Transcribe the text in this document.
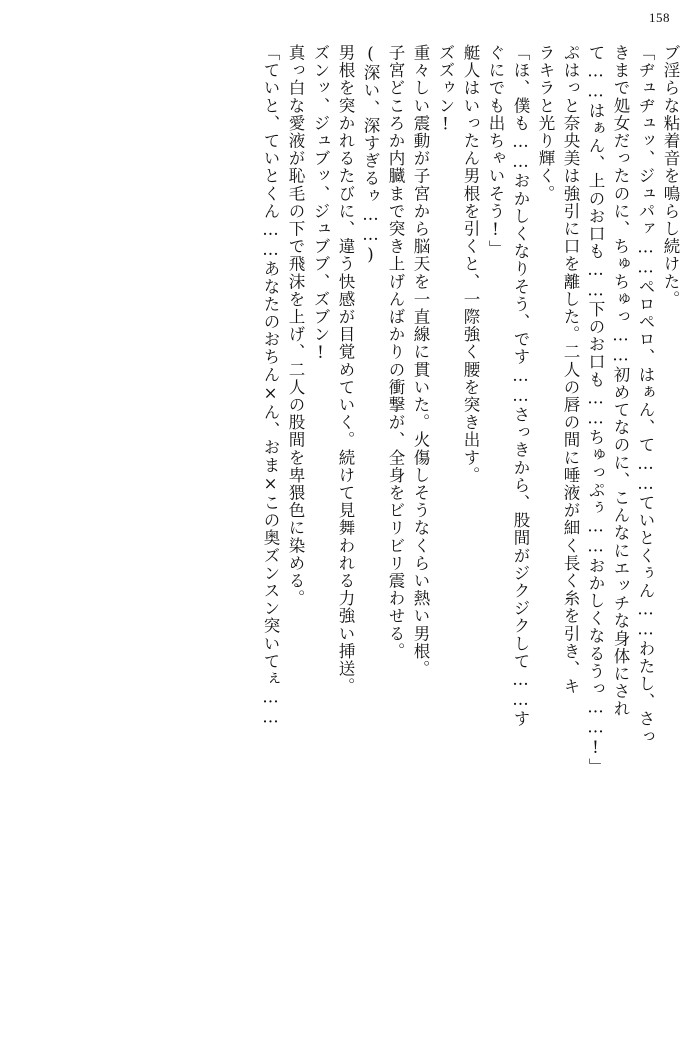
158
ブ淫らな粘着音を鳴らし続けた。
「ヂュヂュッ、ジュパァ……ペロペロ、はぁん、て……ていとくぅん……わたし、さっ
きまで処女だったのに、ちゅちゅっ……初めてなのに、こんなにエッチな身体にされ
て……はぁん、上のお口も……下のお口も……ちゅっぷぅ……おかしくなるうっ……!」
ぷはっと奈央美は強引に口を離した。二人の唇の間に唾液が細く長く糸を引き、キ
ラキラと光り輝く。
「ほ、僕も……おかしくなりそう、です……さっきから、股間がジクジクして……す
ぐにでも出ちゃいそう!」
艇人はいったん男根を引くと、一際強く腰を突き出す。
ズズゥン!
重々しい震動が子宮から脳天を一直線に貫いた。火傷しそうなくらい熱い男根。
子宮どころか内臓まで突き上げんばかりの衝撃が、全身をビリビリ震わせる。
(深い、深すぎるゥ……)
男根を突かれるたびに、違う快感が目覚めていく。続けて見舞われる力強い挿送。
ズンッ、ジュブッ、ジュブブ、ズブン!
真っ白な愛液が恥毛の下で飛沫を上げ、二人の股間を卑猥色に染める。
「ていと、ていとくん……あなたのおちん×ん、おま×この奥ズンスン突いてぇ……
